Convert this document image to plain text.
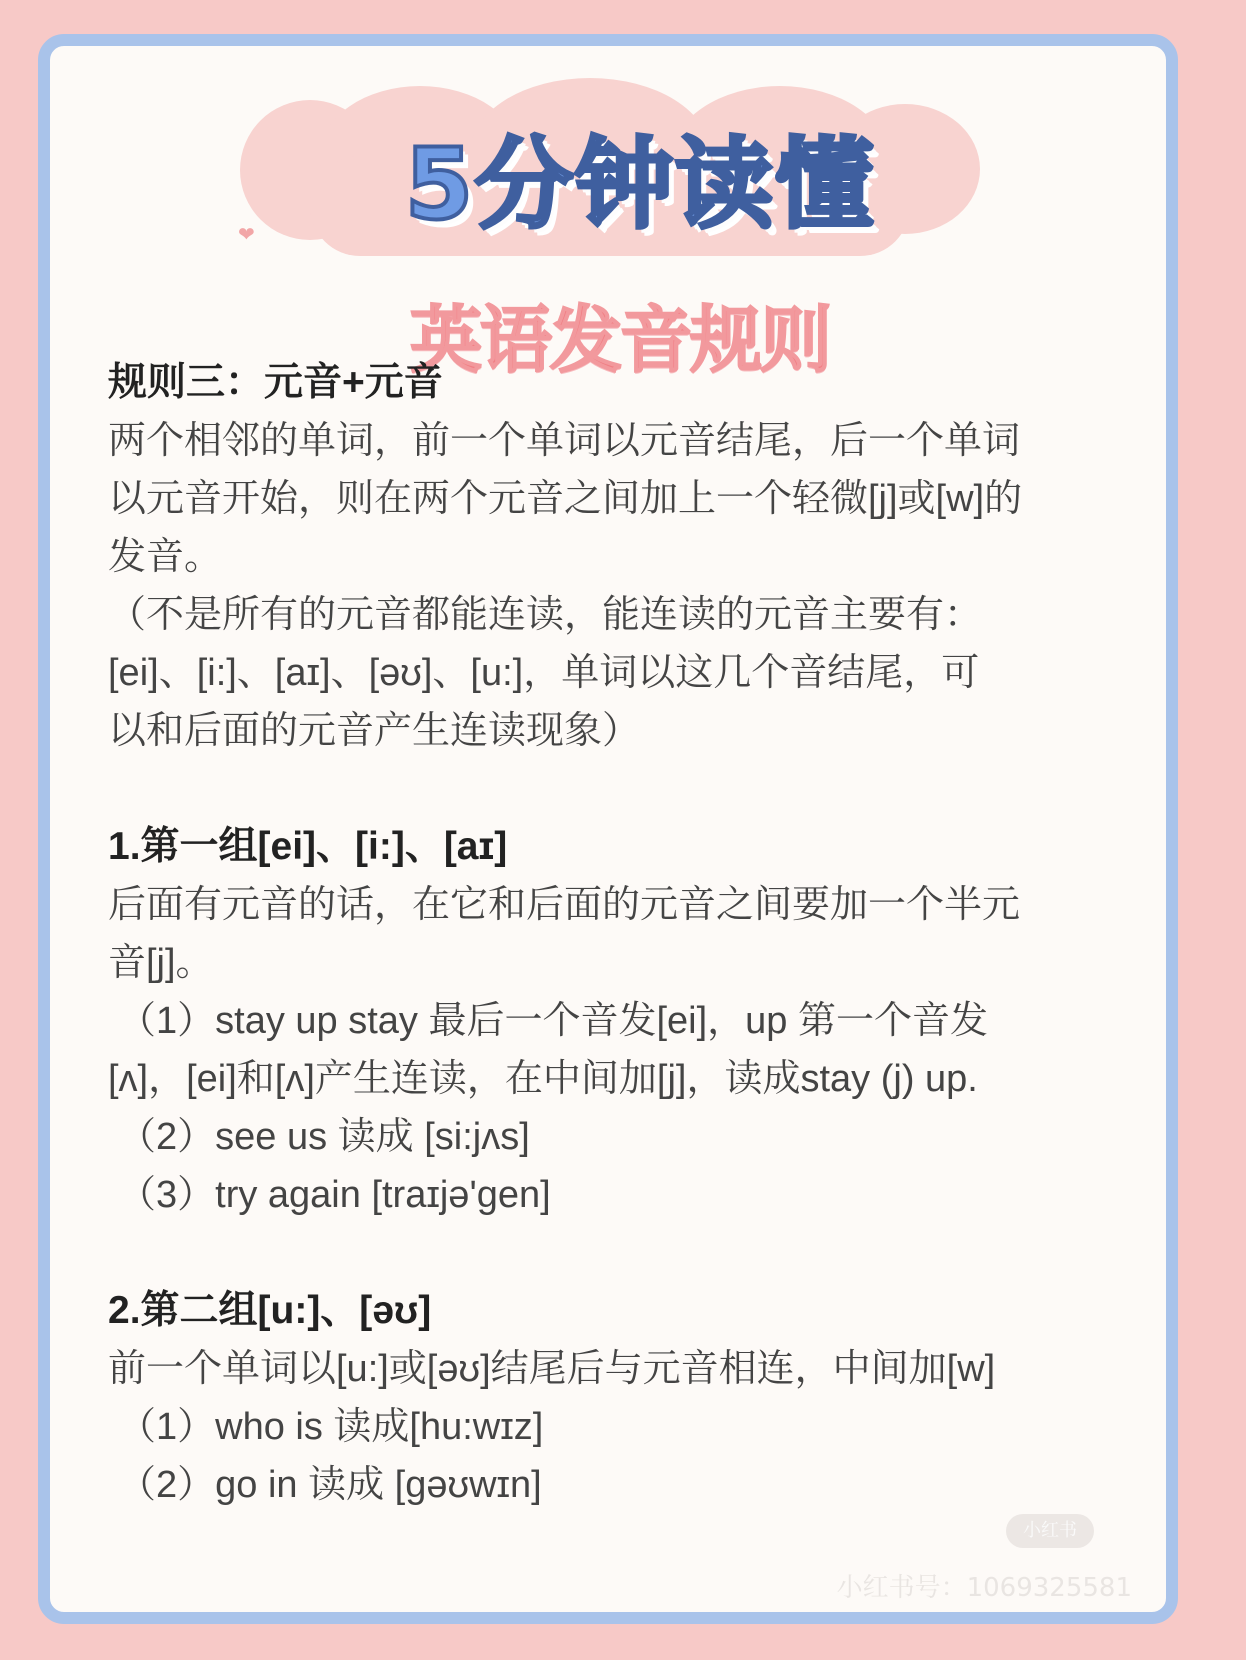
❤	5分钟读懂
英语发音规则
规则三：元音+元音
两个相邻的单词，前一个单词以元音结尾，后一个单词
以元音开始，则在两个元音之间加上一个轻微[j]或[w]的
发音。
（不是所有的元音都能连读，能连读的元音主要有：
[ei]、[i:]、[aɪ]、[əʊ]、[u:]，单词以这几个音结尾，可
以和后面的元音产生连读现象）
1.第一组[ei]、[i:]、[aɪ]
后面有元音的话，在它和后面的元音之间要加一个半元
音[j]。
（1）stay up stay 最后一个音发[ei]，up 第一个音发
[ʌ]，[ei]和[ʌ]产生连读，在中间加[j]，读成stay (j) up.
（2）see us 读成 [si:jʌs]
（3）try again [traɪjə'gen]
2.第二组[u:]、[əʊ]
前一个单词以[u:]或[əʊ]结尾后与元音相连，中间加[w]
（1）who is 读成[hu:wɪz]
（2）go in 读成 [gəʊwɪn]
小红书
小红书号：1069325581
